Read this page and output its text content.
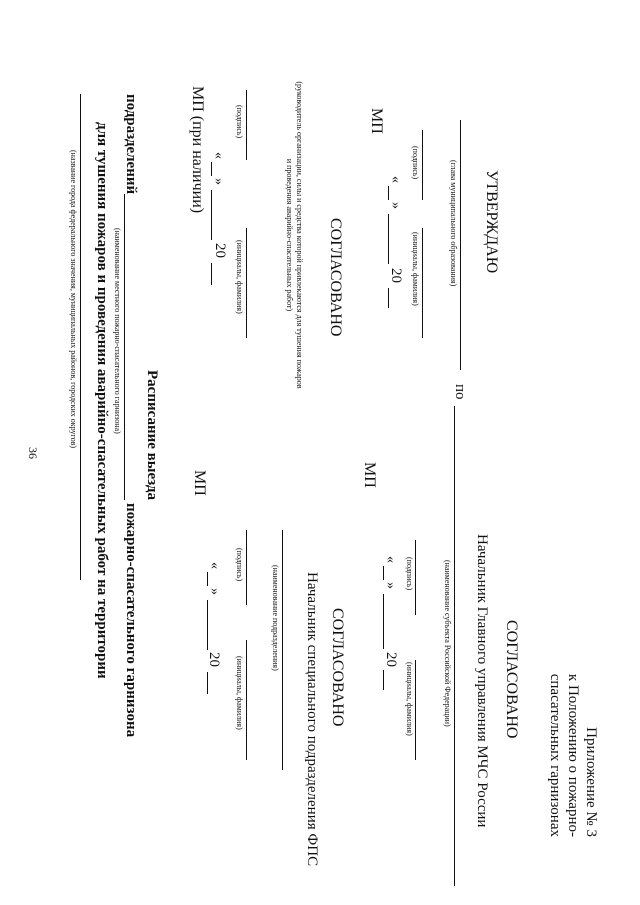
36
Приложение № 3
к Положению о пожарно-
спасательных гарнизонах
СОГЛАСОВАНО
Начальник Главного управления МЧС России
по
(наименование субъекта Российской Федерации)
(подпись)
(инициалы, фамилия)
«
»
20
МП
СОГЛАСОВАНО
Начальник специального подразделения ФПС
(наименование подразделения)
(подпись)
(инициалы, фамилия)
«
»
20
МП
УТВЕРЖДАЮ
(глава муниципального образования)
(подпись)
(инициалы, фамилия)
«
»
20
МП
СОГЛАСОВАНО
(руководитель организации, силы и средства которой привлекаются для тушения пожаров и проведения аварийно-спасательных работ)
(подпись)
(инициалы, фамилия)
«
»
20
МП (при наличии)
Расписание выезда
подразделений
пожарно-спасательного гарнизона
(наименование местного пожарно-спасательного гарнизона)
для тушения пожаров и проведения аварийно-спасательных работ на территории
(название города федерального значения, муниципальных районов, городских округов)
